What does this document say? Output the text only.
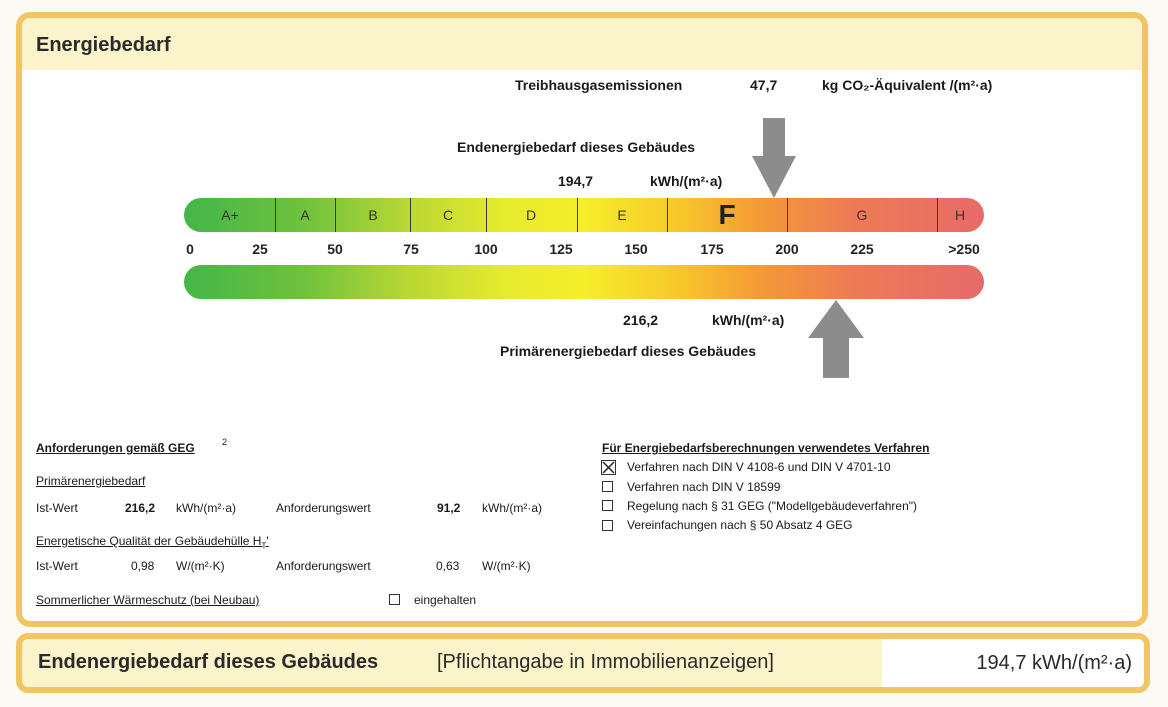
Energiebedarf
Treibhausgasemissionen	47,7	kg CO₂-Äquivalent /(m²·a)
Endenergiebedarf dieses Gebäudes
194,7	kWh/(m²·a)
A+	A	B	C	D	E	F	G	H
0	25	50	75	100	125	150	175	200	225	>250
216,2	kWh/(m²·a)
Primärenergiebedarf dieses Gebäudes
Anforderungen gemäß GEG	2
Primärenergiebedarf
Ist-Wert	216,2 kWh/(m²·a)	Anforderungswert	91,2 kWh/(m²·a)
Energetische Qualität der Gebäudehülle $H_T'$
Ist-Wert	0,98 W/(m²·K)	Anforderungswert	0,63 W/(m²·K)
Sommerlicher Wärmeschutz (bei Neubau)	eingehalten
Für Energiebedarfsberechnungen verwendetes Verfahren
Verfahren nach DIN V 4108-6 und DIN V 4701-10
Verfahren nach DIN V 18599
Regelung nach § 31 GEG ("Modellgebäudeverfahren")
Vereinfachungen nach § 50 Absatz 4 GEG
Endenergiebedarf dieses Gebäudes	[Pflichtangabe in Immobilienanzeigen]	194,7 kWh/(m²·a)
